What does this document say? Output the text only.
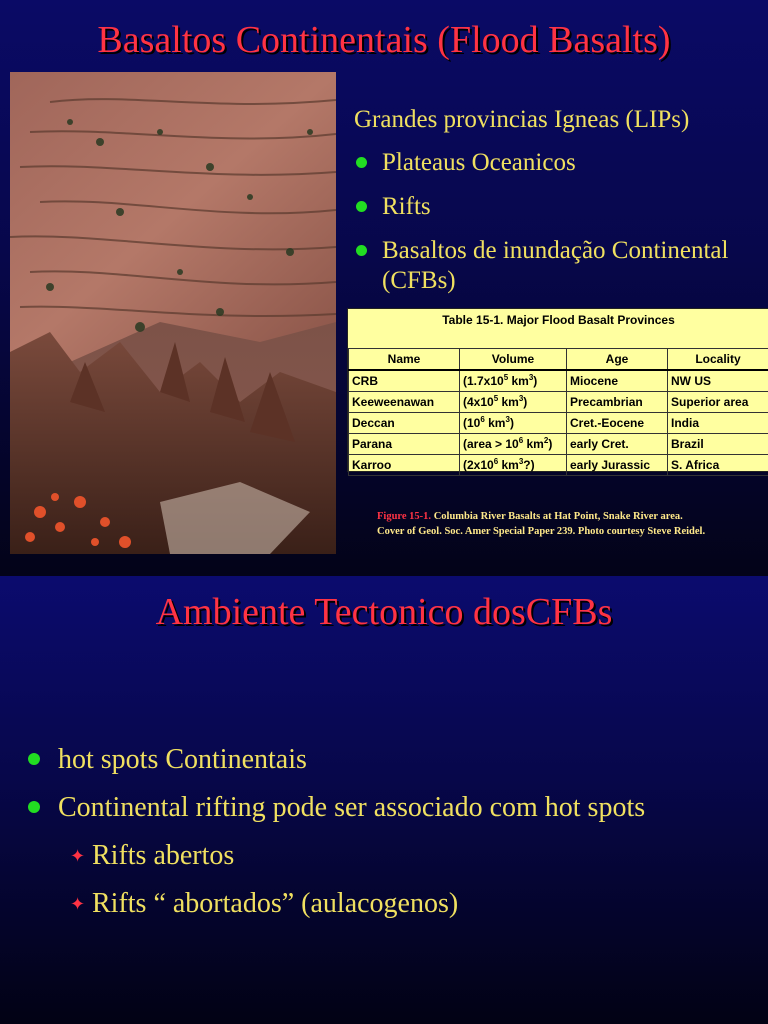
Basaltos Continentais (Flood Basalts)
Grandes provincias Igneas (LIPs)
Plateaus Oceanicos
Rifts
Basaltos de inundação Continental (CFBs)
Table 15-1. Major Flood Basalt Provinces
Name	Volume	Age	Locality
CRB	($1.7x10^5$ $km^3$)	Miocene	NW US
Keeweenawan	($4x10^5$ $km^3$)	Precambrian	Superior area
Deccan	($10^6$ $km^3$)	Cret.-Eocene	India
Parana	(area > $10^6$ $km^2$)	early Cret.	Brazil
Karroo	($2x10^6$ $km^3$?)	early Jurassic	S. Africa
Figure 15-1. Columbia River Basalts at Hat Point, Snake River area. Cover of Geol. Soc. Amer Special Paper 239. Photo courtesy Steve Reidel.
Ambiente Tectonico dosCFBs
hot spots Continentais
Continental rifting pode ser associado com hot spots
✦ Rifts abertos
✦ Rifts “ abortados” (aulacogenos)
